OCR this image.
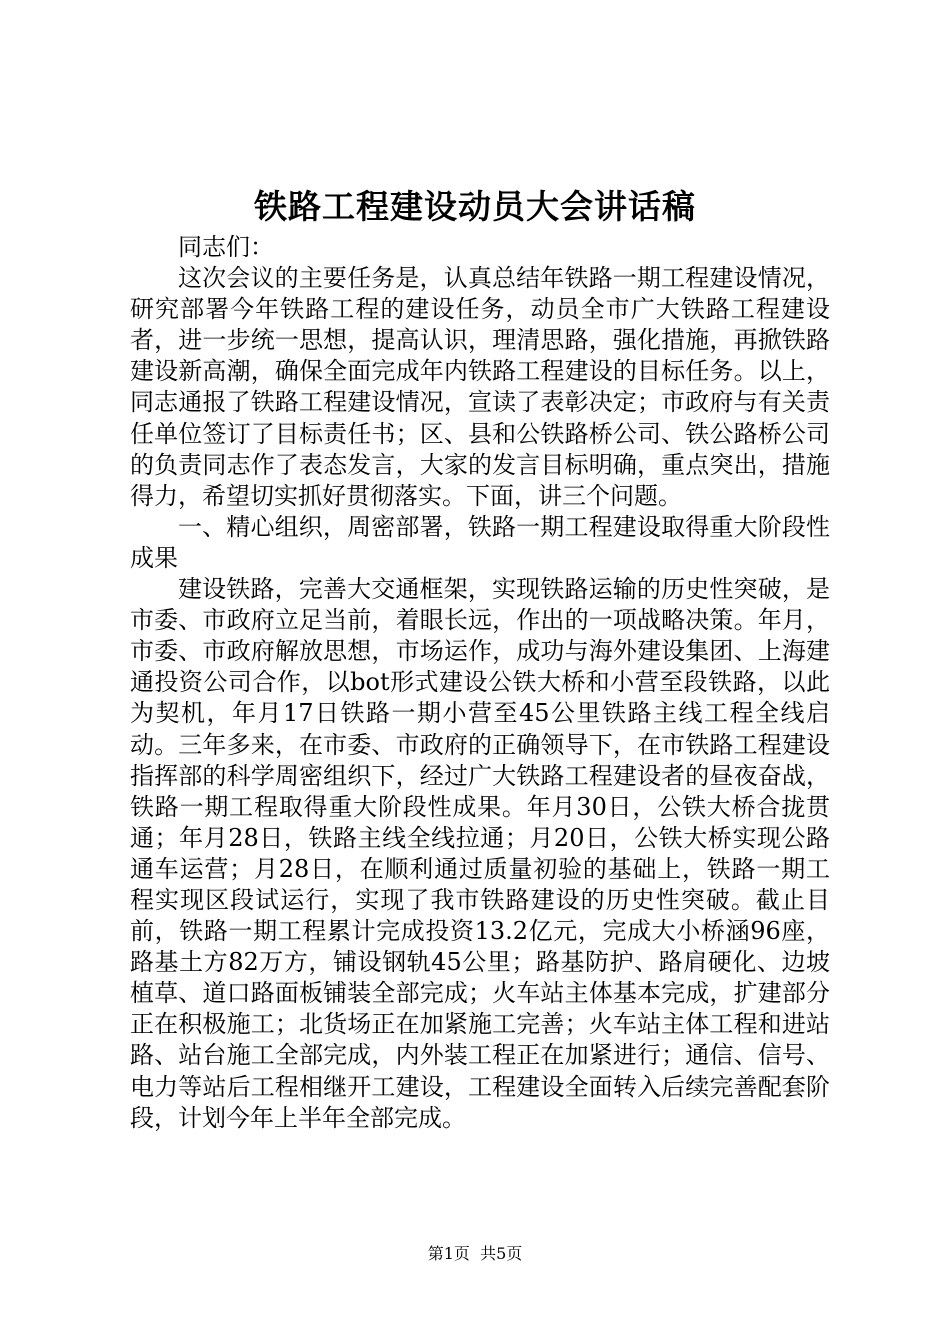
铁路工程建设动员大会讲话稿

同志们：

这次会议的主要任务是，认真总结年铁路一期工程建设情况，研究部署今年铁路工程的建设任务，动员全市广大铁路工程建设者，进一步统一思想，提高认识，理清思路，强化措施，再掀铁路建设新高潮，确保全面完成年内铁路工程建设的目标任务。以上，同志通报了铁路工程建设情况，宣读了表彰决定；市政府与有关责任单位签订了目标责任书；区、县和公铁路桥公司、铁公路桥公司的负责同志作了表态发言，大家的发言目标明确，重点突出，措施得力，希望切实抓好贯彻落实。下面，讲三个问题。

一、精心组织，周密部署，铁路一期工程建设取得重大阶段性成果

建设铁路，完善大交通框架，实现铁路运输的历史性突破，是市委、市政府立足当前，着眼长远，作出的一项战略决策。年月，市委、市政府解放思想，市场运作，成功与海外建设集团、上海建通投资公司合作，以bot形式建设公铁大桥和小营至段铁路，以此为契机，年月17日铁路一期小营至45公里铁路主线工程全线启动。三年多来，在市委、市政府的正确领导下，在市铁路工程建设指挥部的科学周密组织下，经过广大铁路工程建设者的昼夜奋战，铁路一期工程取得重大阶段性成果。年月30日，公铁大桥合拢贯通；年月28日，铁路主线全线拉通；月20日，公铁大桥实现公路通车运营；月28日，在顺利通过质量初验的基础上，铁路一期工程实现区段试运行，实现了我市铁路建设的历史性突破。截止目前，铁路一期工程累计完成投资13.2亿元，完成大小桥涵96座，路基土方82万方，铺设钢轨45公里；路基防护、路肩硬化、边坡植草、道口路面板铺装全部完成；火车站主体基本完成，扩建部分正在积极施工；北货场正在加紧施工完善；火车站主体工程和进站路、站台施工全部完成，内外装工程正在加紧进行；通信、信号、电力等站后工程相继开工建设，工程建设全面转入后续完善配套阶段，计划今年上半年全部完成。

第1页  共5页
